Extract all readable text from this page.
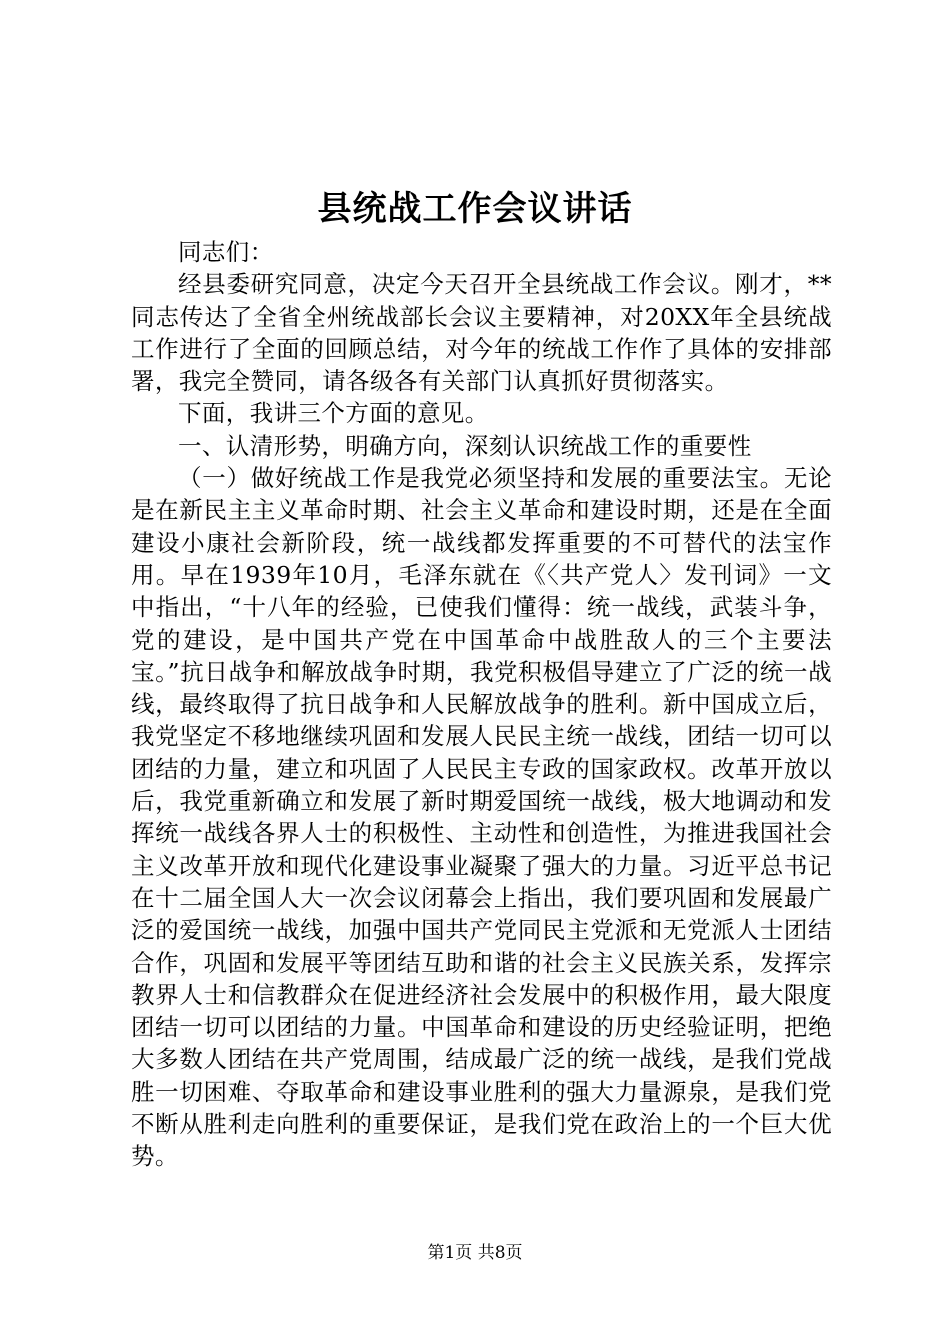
县统战工作会议讲话

同志们：

经县委研究同意，决定今天召开全县统战工作会议。刚才，**同志传达了全省全州统战部长会议主要精神，对20XX年全县统战工作进行了全面的回顾总结，对今年的统战工作作了具体的安排部署，我完全赞同，请各级各有关部门认真抓好贯彻落实。

下面，我讲三个方面的意见。

一、认清形势，明确方向，深刻认识统战工作的重要性

（一）做好统战工作是我党必须坚持和发展的重要法宝。无论是在新民主主义革命时期、社会主义革命和建设时期，还是在全面建设小康社会新阶段，统一战线都发挥重要的不可替代的法宝作用。早在1939年10月，毛泽东就在《〈共产党人〉发刊词》一文中指出，“十八年的经验，已使我们懂得：统一战线，武装斗争，党的建设，是中国共产党在中国革命中战胜敌人的三个主要法宝。”抗日战争和解放战争时期，我党积极倡导建立了广泛的统一战线，最终取得了抗日战争和人民解放战争的胜利。新中国成立后，我党坚定不移地继续巩固和发展人民民主统一战线，团结一切可以团结的力量，建立和巩固了人民民主专政的国家政权。改革开放以后，我党重新确立和发展了新时期爱国统一战线，极大地调动和发挥统一战线各界人士的积极性、主动性和创造性，为推进我国社会主义改革开放和现代化建设事业凝聚了强大的力量。习近平总书记在十二届全国人大一次会议闭幕会上指出，我们要巩固和发展最广泛的爱国统一战线，加强中国共产党同民主党派和无党派人士团结合作，巩固和发展平等团结互助和谐的社会主义民族关系，发挥宗教界人士和信教群众在促进经济社会发展中的积极作用，最大限度团结一切可以团结的力量。中国革命和建设的历史经验证明，把绝大多数人团结在共产党周围，结成最广泛的统一战线，是我们党战胜一切困难、夺取革命和建设事业胜利的强大力量源泉，是我们党不断从胜利走向胜利的重要保证，是我们党在政治上的一个巨大优势。

第1页 共8页
